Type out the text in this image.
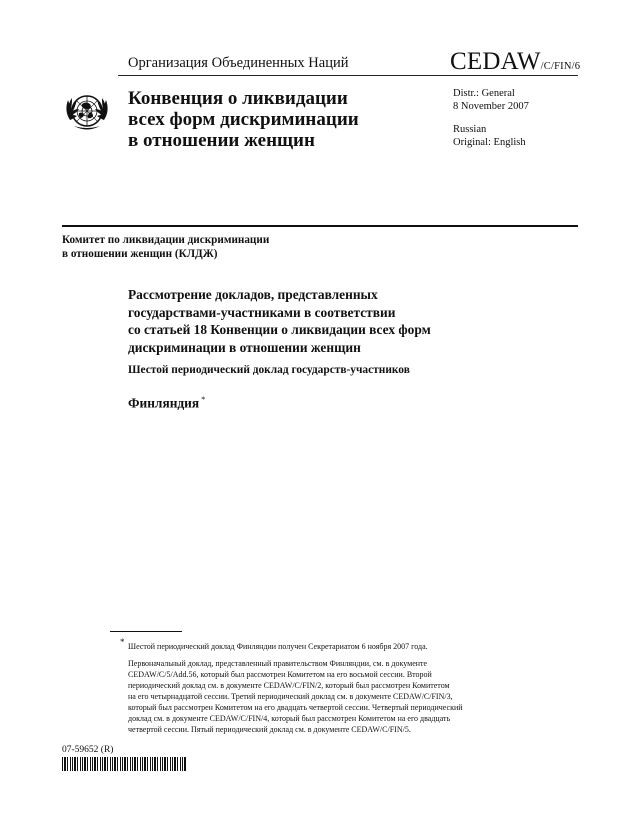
Организация Объединенных Наций	CEDAW/C/FIN/6
Конвенция о ликвидации
всех форм дискриминации
в отношении женщин
Distr.: General
8 November 2007
Russian
Original: English
Комитет по ликвидации дискриминации
в отношении женщин (КЛДЖ)
Рассмотрение докладов, представленных
государствами-участниками в соответствии
со статьей 18 Конвенции о ликвидации всех форм
дискриминации в отношении женщин
Шестой периодический доклад государств-участников
Финляндия *
* Шестой периодический доклад Финляндии получен Секретариатом 6 ноября 2007 года.
Первоначальный доклад, представленный правительством Финляндии, см. в документе
CEDAW/C/5/Add.56, который был рассмотрен Комитетом на его восьмой сессии. Второй
периодический доклад см. в документе CEDAW/C/FIN/2, который был рассмотрен Комитетом
на его четырнадцатой сессии. Третий периодический доклад см. в документе CEDAW/C/FIN/3,
который был рассмотрен Комитетом на его двадцать четвертой сессии. Четвертый периодический
доклад см. в документе CEDAW/C/FIN/4, который был рассмотрен Комитетом на его двадцать
четвертой сессии. Пятый периодический доклад см. в документе CEDAW/C/FIN/5.
07-59652 (R)
